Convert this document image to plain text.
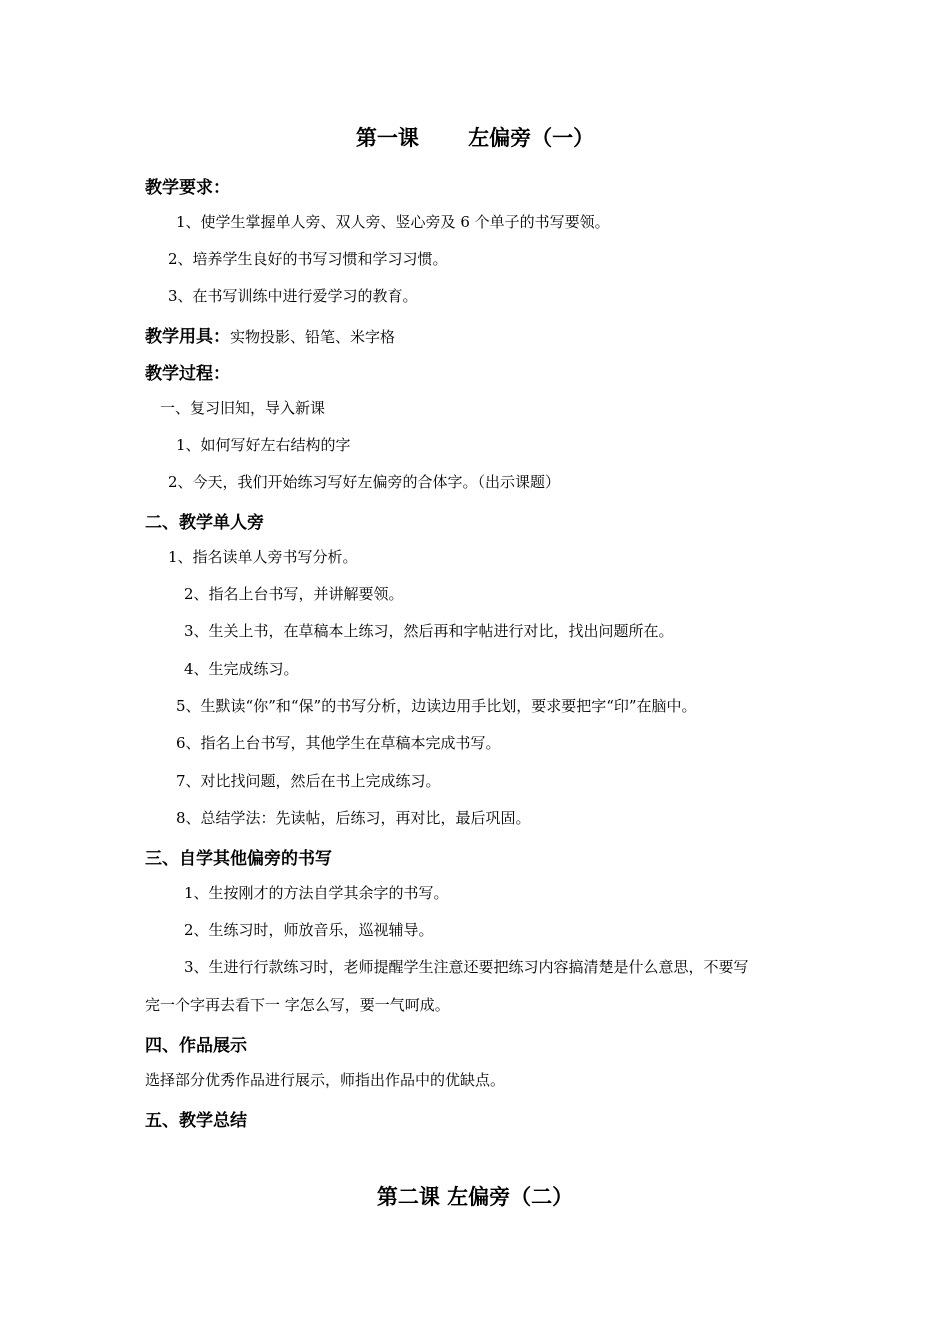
第一课　　 左偏旁（一）
教学要求：
1、使学生掌握单人旁、双人旁、竖心旁及 6 个单子的书写要领。
2、培养学生良好的书写习惯和学习习惯。
3、在书写训练中进行爱学习的教育。
教学用具：实物投影、铅笔、米字格
教学过程：
一、复习旧知，导入新课
1、如何写好左右结构的字
2、今天，我们开始练习写好左偏旁的合体字。（出示课题）
二、教学单人旁
1、指名读单人旁书写分析。
2、指名上台书写，并讲解要领。
3、生关上书，在草稿本上练习，然后再和字帖进行对比，找出问题所在。
4、生完成练习。
5、生默读“你”和“保”的书写分析，边读边用手比划，要求要把字“印”在脑中。
6、指名上台书写，其他学生在草稿本完成书写。
7、对比找问题，然后在书上完成练习。
8、总结学法：先读帖，后练习，再对比，最后巩固。
三、自学其他偏旁的书写
1、生按刚才的方法自学其余字的书写。
2、生练习时，师放音乐，巡视辅导。
3、生进行行款练习时，老师提醒学生注意还要把练习内容搞清楚是什么意思，不要写
完一个字再去看下一 字怎么写，要一气呵成。
四、作品展示
选择部分优秀作品进行展示，师指出作品中的优缺点。
五、教学总结
第二课 左偏旁（二）
